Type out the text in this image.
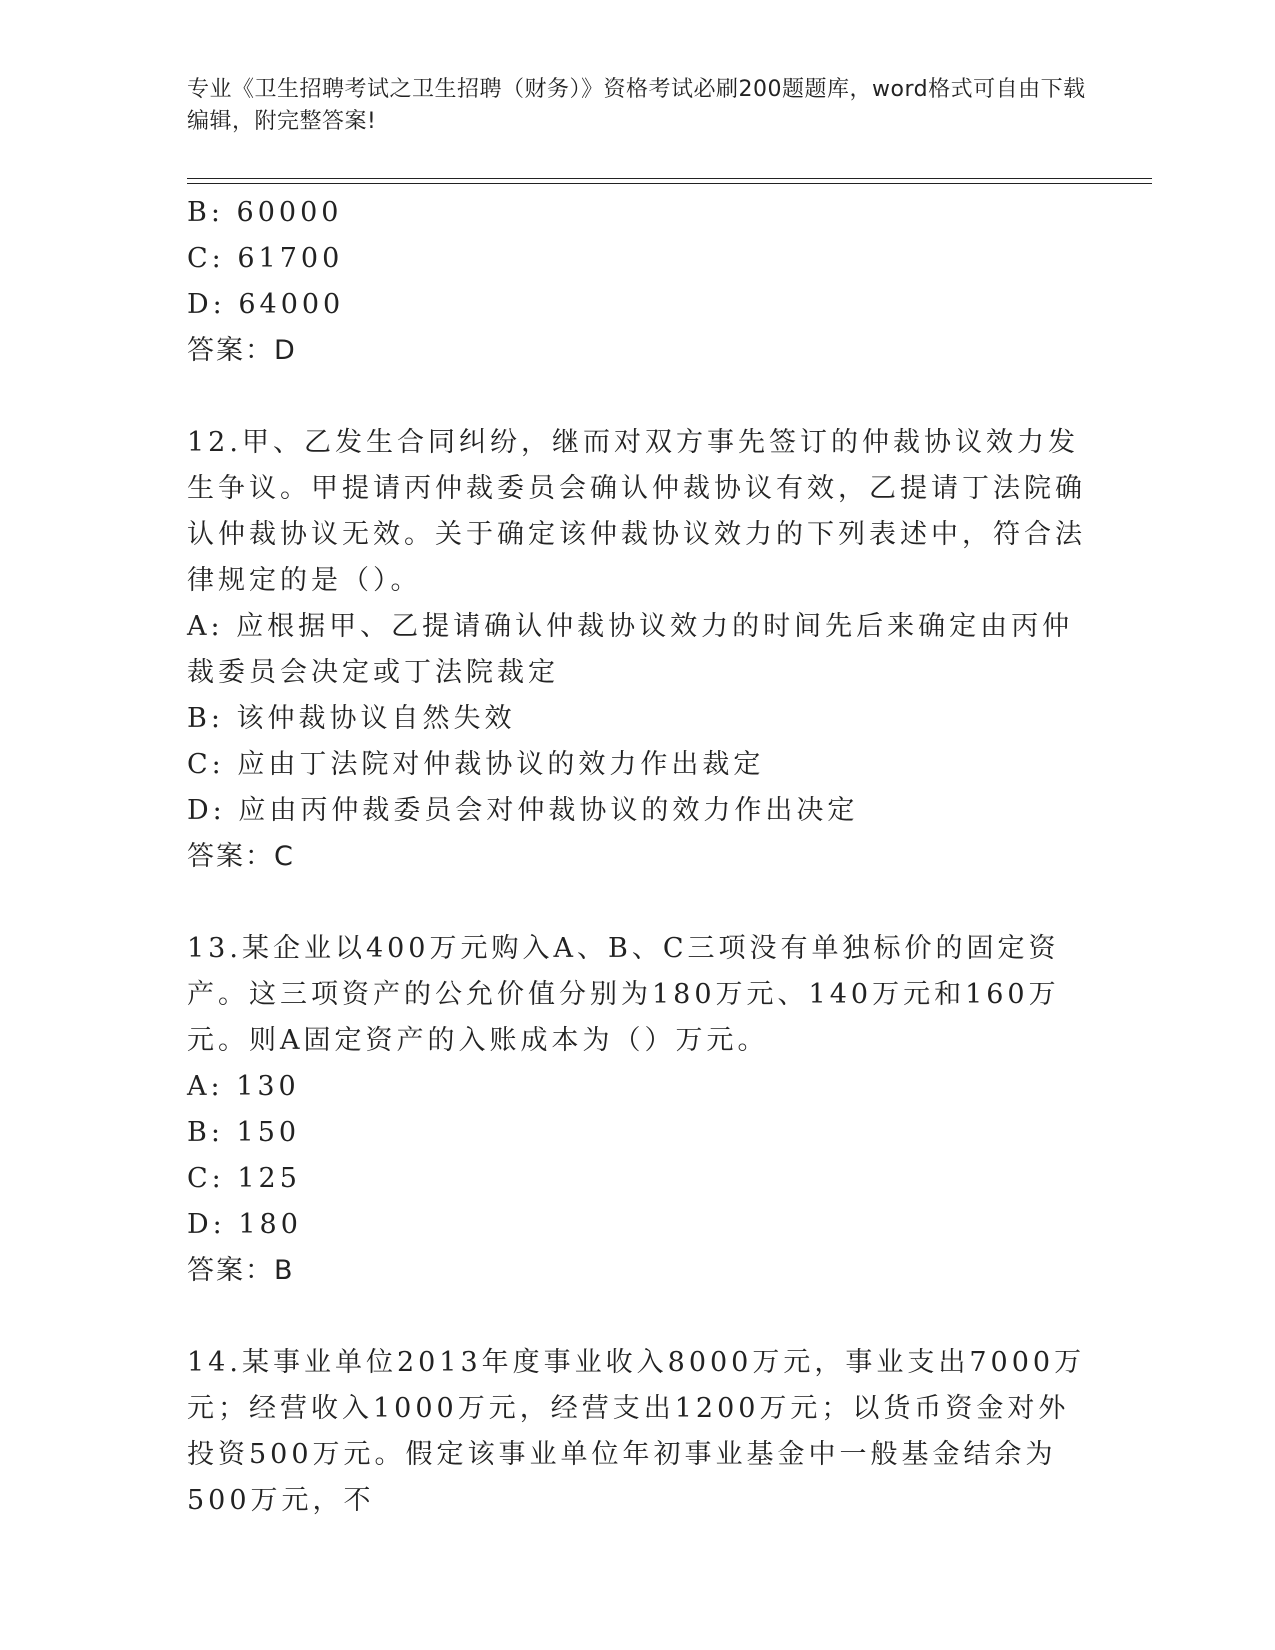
专业《卫生招聘考试之卫生招聘（财务）》资格考试必刷200题题库，word格式可自由下载编辑，附完整答案!
B: 60000
C: 61700
D: 64000
答案：D
12.甲、乙发生合同纠纷，继而对双方事先签订的仲裁协议效力发生争议。甲提请丙仲裁委员会确认仲裁协议有效，乙提请丁法院确认仲裁协议无效。关于确定该仲裁协议效力的下列表述中，符合法律规定的是（）。
A: 应根据甲、乙提请确认仲裁协议效力的时间先后来确定由丙仲裁委员会决定或丁法院裁定
B: 该仲裁协议自然失效
C: 应由丁法院对仲裁协议的效力作出裁定
D: 应由丙仲裁委员会对仲裁协议的效力作出决定
答案：C
13.某企业以400万元购入A、B、C三项没有单独标价的固定资产。这三项资产的公允价值分别为180万元、140万元和160万元。则A固定资产的入账成本为（）万元。
A: 130
B: 150
C: 125
D: 180
答案：B
14.某事业单位2013年度事业收入8000万元，事业支出7000万元；经营收入1000万元，经营支出1200万元；以货币资金对外投资500万元。假定该事业单位年初事业基金中一般基金结余为500万元，不
